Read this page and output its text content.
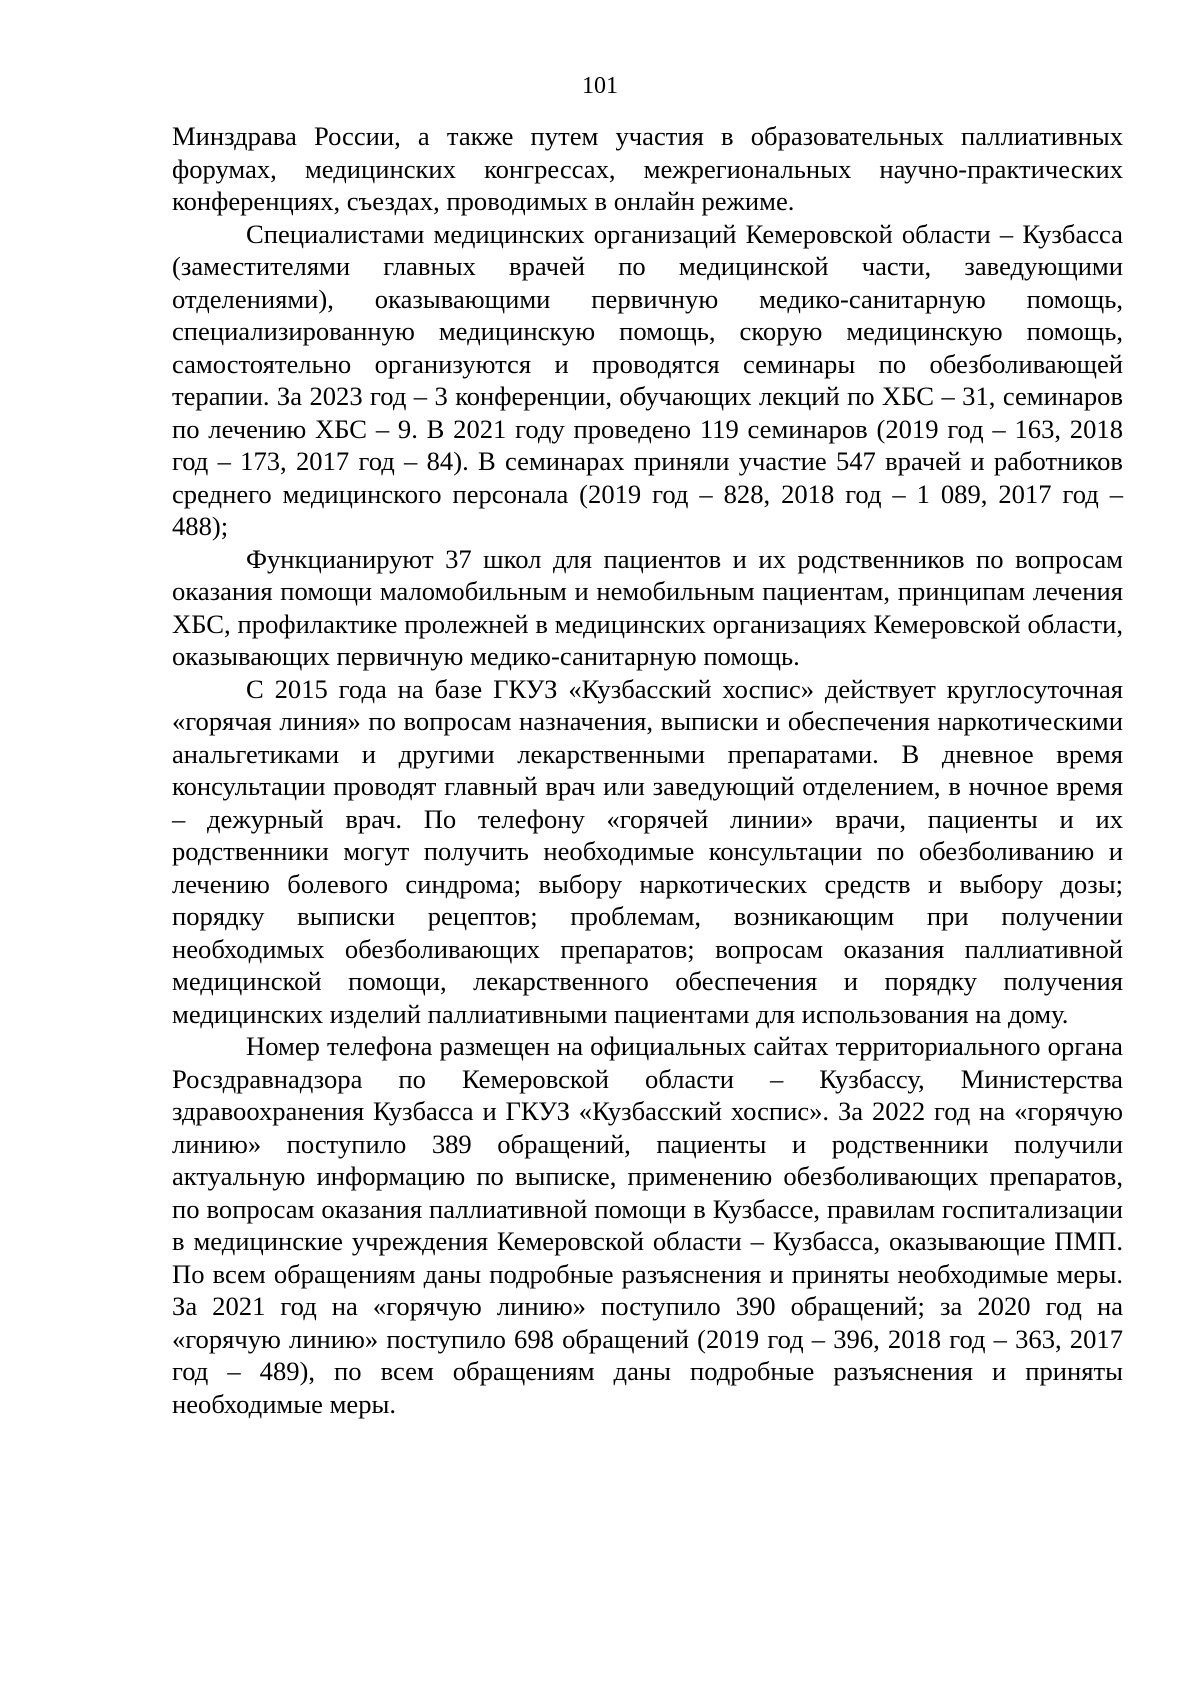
101

Минздрава России, а также путем участия в образовательных паллиативных форумах, медицинских конгрессах, межрегиональных научно-практических конференциях, съездах, проводимых в онлайн режиме.

Специалистами медицинских организаций Кемеровской области – Кузбасса (заместителями главных врачей по медицинской части, заведующими отделениями), оказывающими первичную медико-санитарную помощь, специализированную медицинскую помощь, скорую медицинскую помощь, самостоятельно организуются и проводятся семинары по обезболивающей терапии. За 2023 год – 3 конференции, обучающих лекций по ХБС – 31, семинаров по лечению ХБС – 9. В 2021 году проведено 119 семинаров (2019 год – 163, 2018 год – 173, 2017 год – 84). В семинарах приняли участие 547 врачей и работников среднего медицинского персонала (2019 год – 828, 2018 год – 1 089, 2017 год – 488);

Функцианируют 37 школ для пациентов и их родственников по вопросам оказания помощи маломобильным и немобильным пациентам, принципам лечения ХБС, профилактике пролежней в медицинских организациях Кемеровской области, оказывающих первичную медико-санитарную помощь.

С 2015 года на базе ГКУЗ «Кузбасский хоспис» действует круглосуточная «горячая линия» по вопросам назначения, выписки и обеспечения наркотическими анальгетиками и другими лекарственными препаратами. В дневное время консультации проводят главный врач или заведующий отделением, в ночное время – дежурный врач. По телефону «горячей линии» врачи, пациенты и их родственники могут получить необходимые консультации по обезболиванию и лечению болевого синдрома; выбору наркотических средств и выбору дозы; порядку выписки рецептов; проблемам, возникающим при получении необходимых обезболивающих препаратов; вопросам оказания паллиативной медицинской помощи, лекарственного обеспечения и порядку получения медицинских изделий паллиативными пациентами для использования на дому.

Номер телефона размещен на официальных сайтах территориального органа Росздравнадзора по Кемеровской области – Кузбассу, Министерства здравоохранения Кузбасса и ГКУЗ «Кузбасский хоспис». За 2022 год на «горячую линию» поступило 389 обращений, пациенты и родственники получили актуальную информацию по выписке, применению обезболивающих препаратов, по вопросам оказания паллиативной помощи в Кузбассе, правилам госпитализации в медицинские учреждения Кемеровской области – Кузбасса, оказывающие ПМП. По всем обращениям даны подробные разъяснения и приняты необходимые меры. За 2021 год на «горячую линию» поступило 390 обращений; за 2020 год на «горячую линию» поступило 698 обращений (2019 год – 396, 2018 год – 363, 2017 год – 489), по всем обращениям даны подробные разъяснения и приняты необходимые меры.
